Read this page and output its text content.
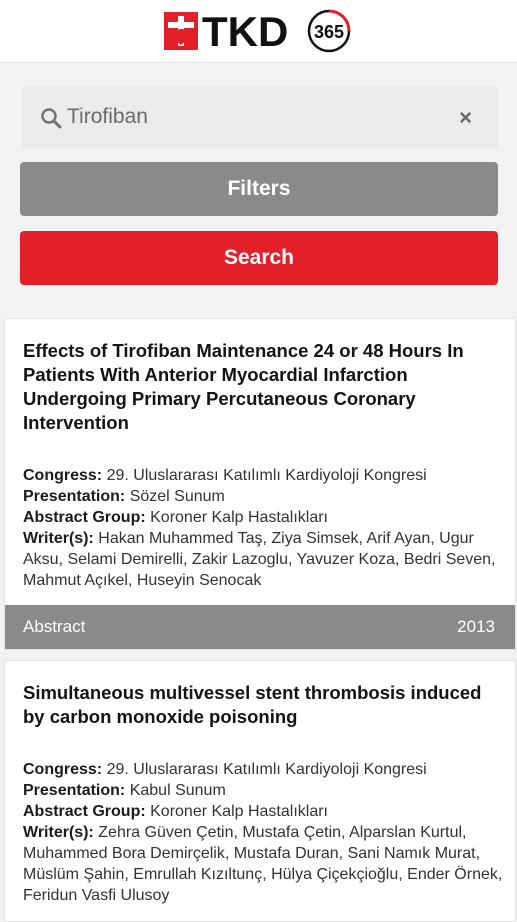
TKD 365
Tirofiban	×
Filters
Search
Effects of Tirofiban Maintenance 24 or 48 Hours In Patients With Anterior Myocardial Infarction Undergoing Primary Percutaneous Coronary Intervention
Congress: 29. Uluslararası Katılımlı Kardiyoloji Kongresi
Presentation: Sözel Sunum
Abstract Group: Koroner Kalp Hastalıkları
Writer(s): Hakan Muhammed Taş, Ziya Simsek, Arif Ayan, Ugur Aksu, Selami Demirelli, Zakir Lazoglu, Yavuzer Koza, Bedri Seven, Mahmut Açıkel, Huseyin Senocak
Abstract	2013
Simultaneous multivessel stent thrombosis induced by carbon monoxide poisoning
Congress: 29. Uluslararası Katılımlı Kardiyoloji Kongresi
Presentation: Kabul Sunum
Abstract Group: Koroner Kalp Hastalıkları
Writer(s): Zehra Güven Çetin, Mustafa Çetin, Alparslan Kurtul, Muhammed Bora Demirçelik, Mustafa Duran, Sani Namık Murat, Müslüm Şahin, Emrullah Kızıltunç, Hülya Çiçekçioğlu, Ender Örnek, Feridun Vasfi Ulusoy
